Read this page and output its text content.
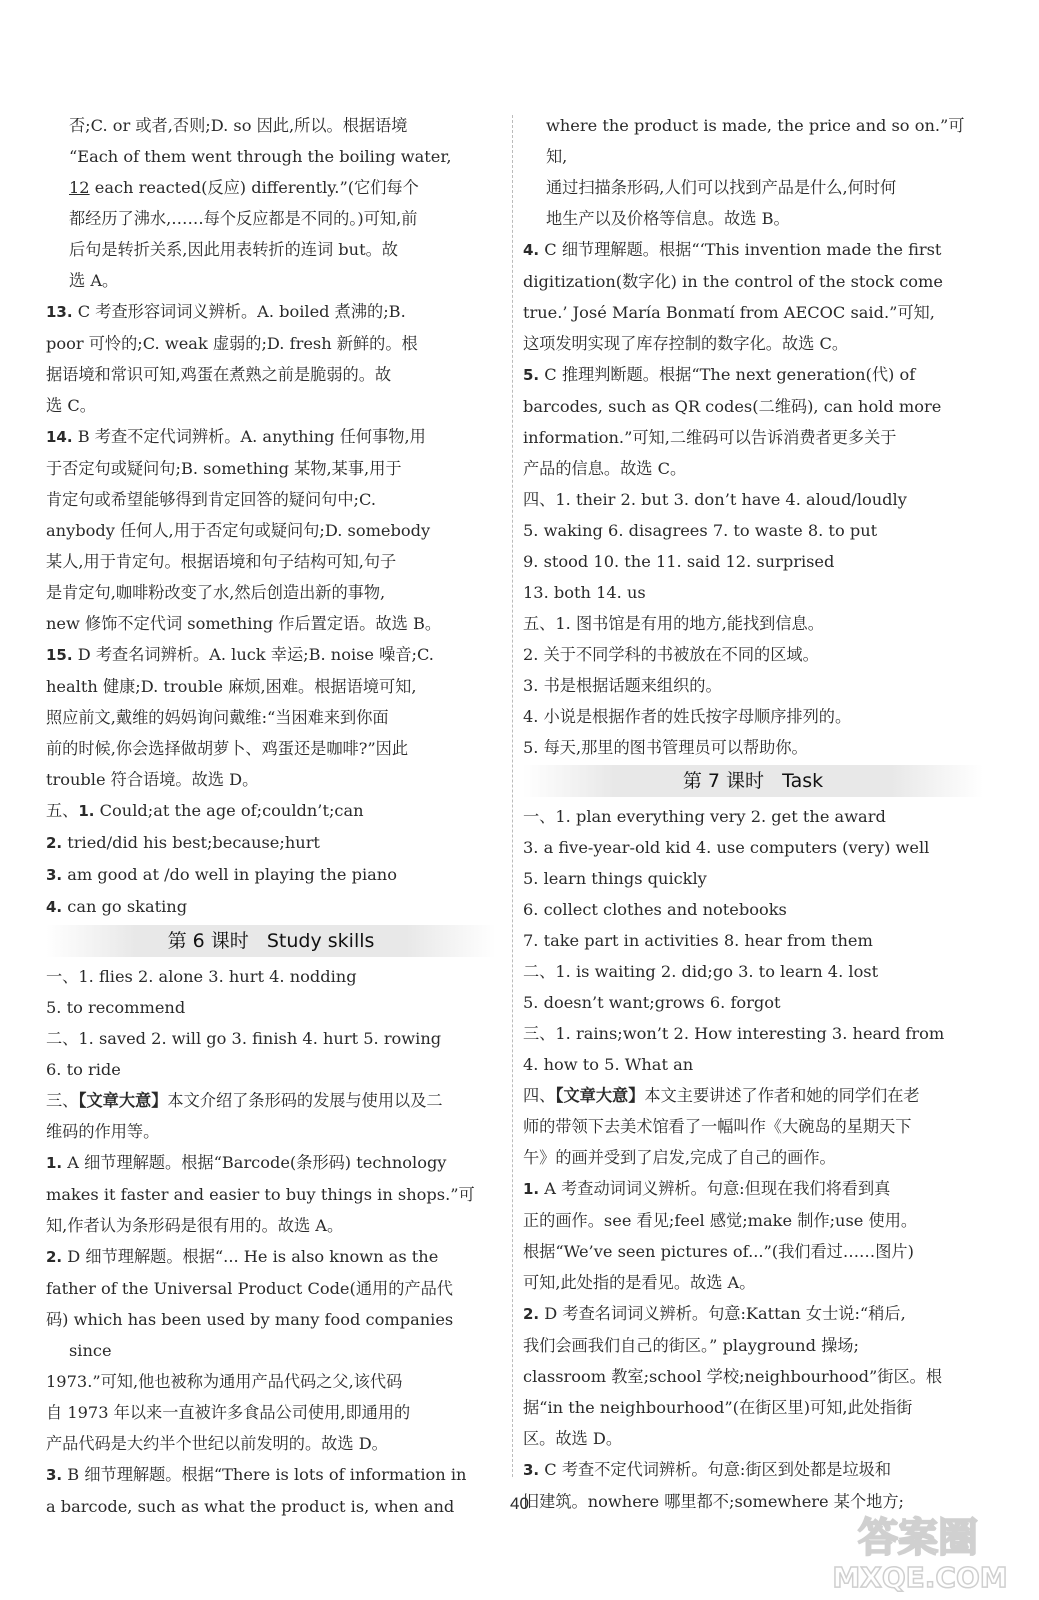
否;C. or 或者,否则;D. so 因此,所以。根据语境
“Each of them went through the boiling water,
12 each reacted(反应) differently.”(它们每个
都经历了沸水,……每个反应都是不同的。)可知,前
后句是转折关系,因此用表转折的连词 but。故
选 A。
13. C 考查形容词词义辨析。A. boiled 煮沸的;B.
poor 可怜的;C. weak 虚弱的;D. fresh 新鲜的。根
据语境和常识可知,鸡蛋在煮熟之前是脆弱的。故
选 C。
14. B 考查不定代词辨析。A. anything 任何事物,用
于否定句或疑问句;B. something 某物,某事,用于
肯定句或希望能够得到肯定回答的疑问句中;C.
anybody 任何人,用于否定句或疑问句;D. somebody
某人,用于肯定句。根据语境和句子结构可知,句子
是肯定句,咖啡粉改变了水,然后创造出新的事物,
new 修饰不定代词 something 作后置定语。故选 B。
15. D 考查名词辨析。A. luck 幸运;B. noise 噪音;C.
health 健康;D. trouble 麻烦,困难。根据语境可知,
照应前文,戴维的妈妈询问戴维:“当困难来到你面
前的时候,你会选择做胡萝卜、鸡蛋还是咖啡?”因此
trouble 符合语境。故选 D。
五、1. Could;at the age of;couldn’t;can
2. tried/did his best;because;hurt
3. am good at /do well in playing the piano
4. can go skating
第 6 课时 Study skills
一、1. flies 2. alone 3. hurt 4. nodding
5. to recommend
二、1. saved 2. will go 3. finish 4. hurt 5. rowing
6. to ride
三、【文章大意】本文介绍了条形码的发展与使用以及二
维码的作用等。
1. A 细节理解题。根据“Barcode(条形码) technology
makes it faster and easier to buy things in shops.”可
知,作者认为条形码是很有用的。故选 A。
2. D 细节理解题。根据“... He is also known as the
father of the Universal Product Code(通用的产品代
码) which has been used by many food companies since
1973.”可知,他也被称为通用产品代码之父,该代码
自 1973 年以来一直被许多食品公司使用,即通用的
产品代码是大约半个世纪以前发明的。故选 D。
3. B 细节理解题。根据“There is lots of information in
a barcode, such as what the product is, when and
where the product is made, the price and so on.”可知,
通过扫描条形码,人们可以找到产品是什么,何时何
地生产以及价格等信息。故选 B。
4. C 细节理解题。根据“‘This invention made the first
digitization(数字化) in the control of the stock come
true.’ José María Bonmatí from AECOC said.”可知,
这项发明实现了库存控制的数字化。故选 C。
5. C 推理判断题。根据“The next generation(代) of
barcodes, such as QR codes(二维码), can hold more
information.”可知,二维码可以告诉消费者更多关于
产品的信息。故选 C。
四、1. their 2. but 3. don’t have 4. aloud/loudly
5. waking 6. disagrees 7. to waste 8. to put
9. stood 10. the 11. said 12. surprised
13. both 14. us
五、1. 图书馆是有用的地方,能找到信息。
2. 关于不同学科的书被放在不同的区域。
3. 书是根据话题来组织的。
4. 小说是根据作者的姓氏按字母顺序排列的。
5. 每天,那里的图书管理员可以帮助你。
第 7 课时 Task
一、1. plan everything very 2. get the award
3. a five-year-old kid 4. use computers (very) well
5. learn things quickly
6. collect clothes and notebooks
7. take part in activities 8. hear from them
二、1. is waiting 2. did;go 3. to learn 4. lost
5. doesn’t want;grows 6. forgot
三、1. rains;won’t 2. How interesting 3. heard from
4. how to 5. What an
四、【文章大意】本文主要讲述了作者和她的同学们在老
师的带领下去美术馆看了一幅叫作《大碗岛的星期天下
午》的画并受到了启发,完成了自己的画作。
1. A 考查动词词义辨析。句意:但现在我们将看到真
正的画作。see 看见;feel 感觉;make 制作;use 使用。
根据“We’ve seen pictures of...”(我们看过……图片)
可知,此处指的是看见。故选 A。
2. D 考查名词词义辨析。句意:Kattan 女士说:“稍后,
我们会画我们自己的街区。” playground 操场;
classroom 教室;school 学校;neighbourhood”街区。根
据“in the neighbourhood”(在街区里)可知,此处指街
区。故选 D。
3. C 考查不定代词辨析。句意:街区到处都是垃圾和
旧建筑。nowhere 哪里都不;somewhere 某个地方;
40
答案圈
MXQE.COM
